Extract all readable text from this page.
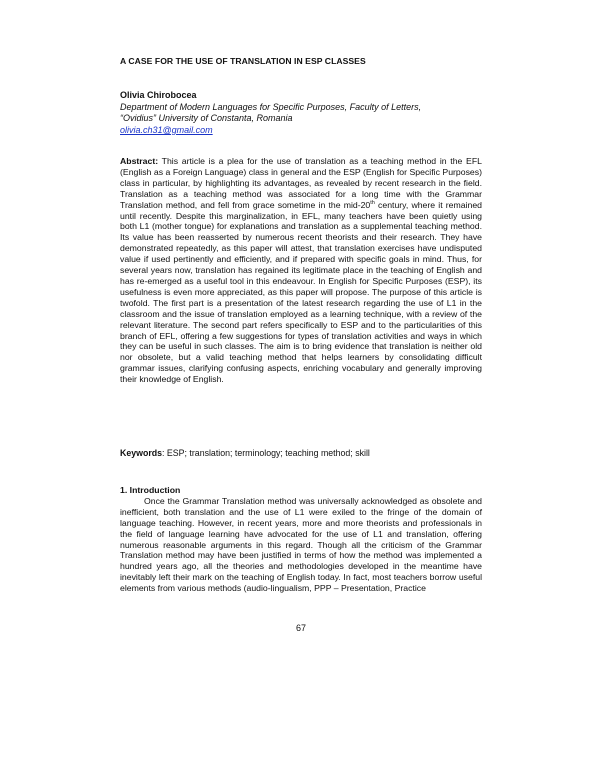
A CASE FOR THE USE OF TRANSLATION IN ESP CLASSES
Olivia Chirobocea
Department of Modern Languages for Specific Purposes, Faculty of Letters,
“Ovidius” University of Constanta, Romania
olivia.ch31@gmail.com

Abstract: This article is a plea for the use of translation as a teaching method in the EFL (English as a Foreign Language) class in general and the ESP (English for Specific Purposes) class in particular, by highlighting its advantages, as revealed by recent research in the field. Translation as a teaching method was associated for a long time with the Grammar Translation method, and fell from grace sometime in the mid-20th century, where it remained until recently. Despite this marginalization, in EFL, many teachers have been quietly using both L1 (mother tongue) for explanations and translation as a supplemental teaching method. Its value has been reasserted by numerous recent theorists and their research. They have demonstrated repeatedly, as this paper will attest, that translation exercises have undisputed value if used pertinently and efficiently, and if prepared with specific goals in mind. Thus, for several years now, translation has regained its legitimate place in the teaching of English and has re-emerged as a useful tool in this endeavour. In English for Specific Purposes (ESP), its usefulness is even more appreciated, as this paper will propose. The purpose of this article is twofold. The first part is a presentation of the latest research regarding the use of L1 in the classroom and the issue of translation employed as a learning technique, with a review of the relevant literature. The second part refers specifically to ESP and to the particularities of this branch of EFL, offering a few suggestions for types of translation activities and ways in which they can be useful in such classes. The aim is to bring evidence that translation is neither old nor obsolete, but a valid teaching method that helps learners by consolidating difficult grammar issues, clarifying confusing aspects, enriching vocabulary and generally improving their knowledge of English.

Keywords: ESP; translation; terminology; teaching method; skill
1. Introduction

Once the Grammar Translation method was universally acknowledged as obsolete and inefficient, both translation and the use of L1 were exiled to the fringe of the domain of language teaching. However, in recent years, more and more theorists and professionals in the field of language learning have advocated for the use of L1 and translation, offering numerous reasonable arguments in this regard. Though all the criticism of the Grammar Translation method may have been justified in terms of how the method was implemented a hundred years ago, all the theories and methodologies developed in the meantime have inevitably left their mark on the teaching of English today. In fact, most teachers borrow useful elements from various methods (audio-lingualism, PPP – Presentation, Practice

67
